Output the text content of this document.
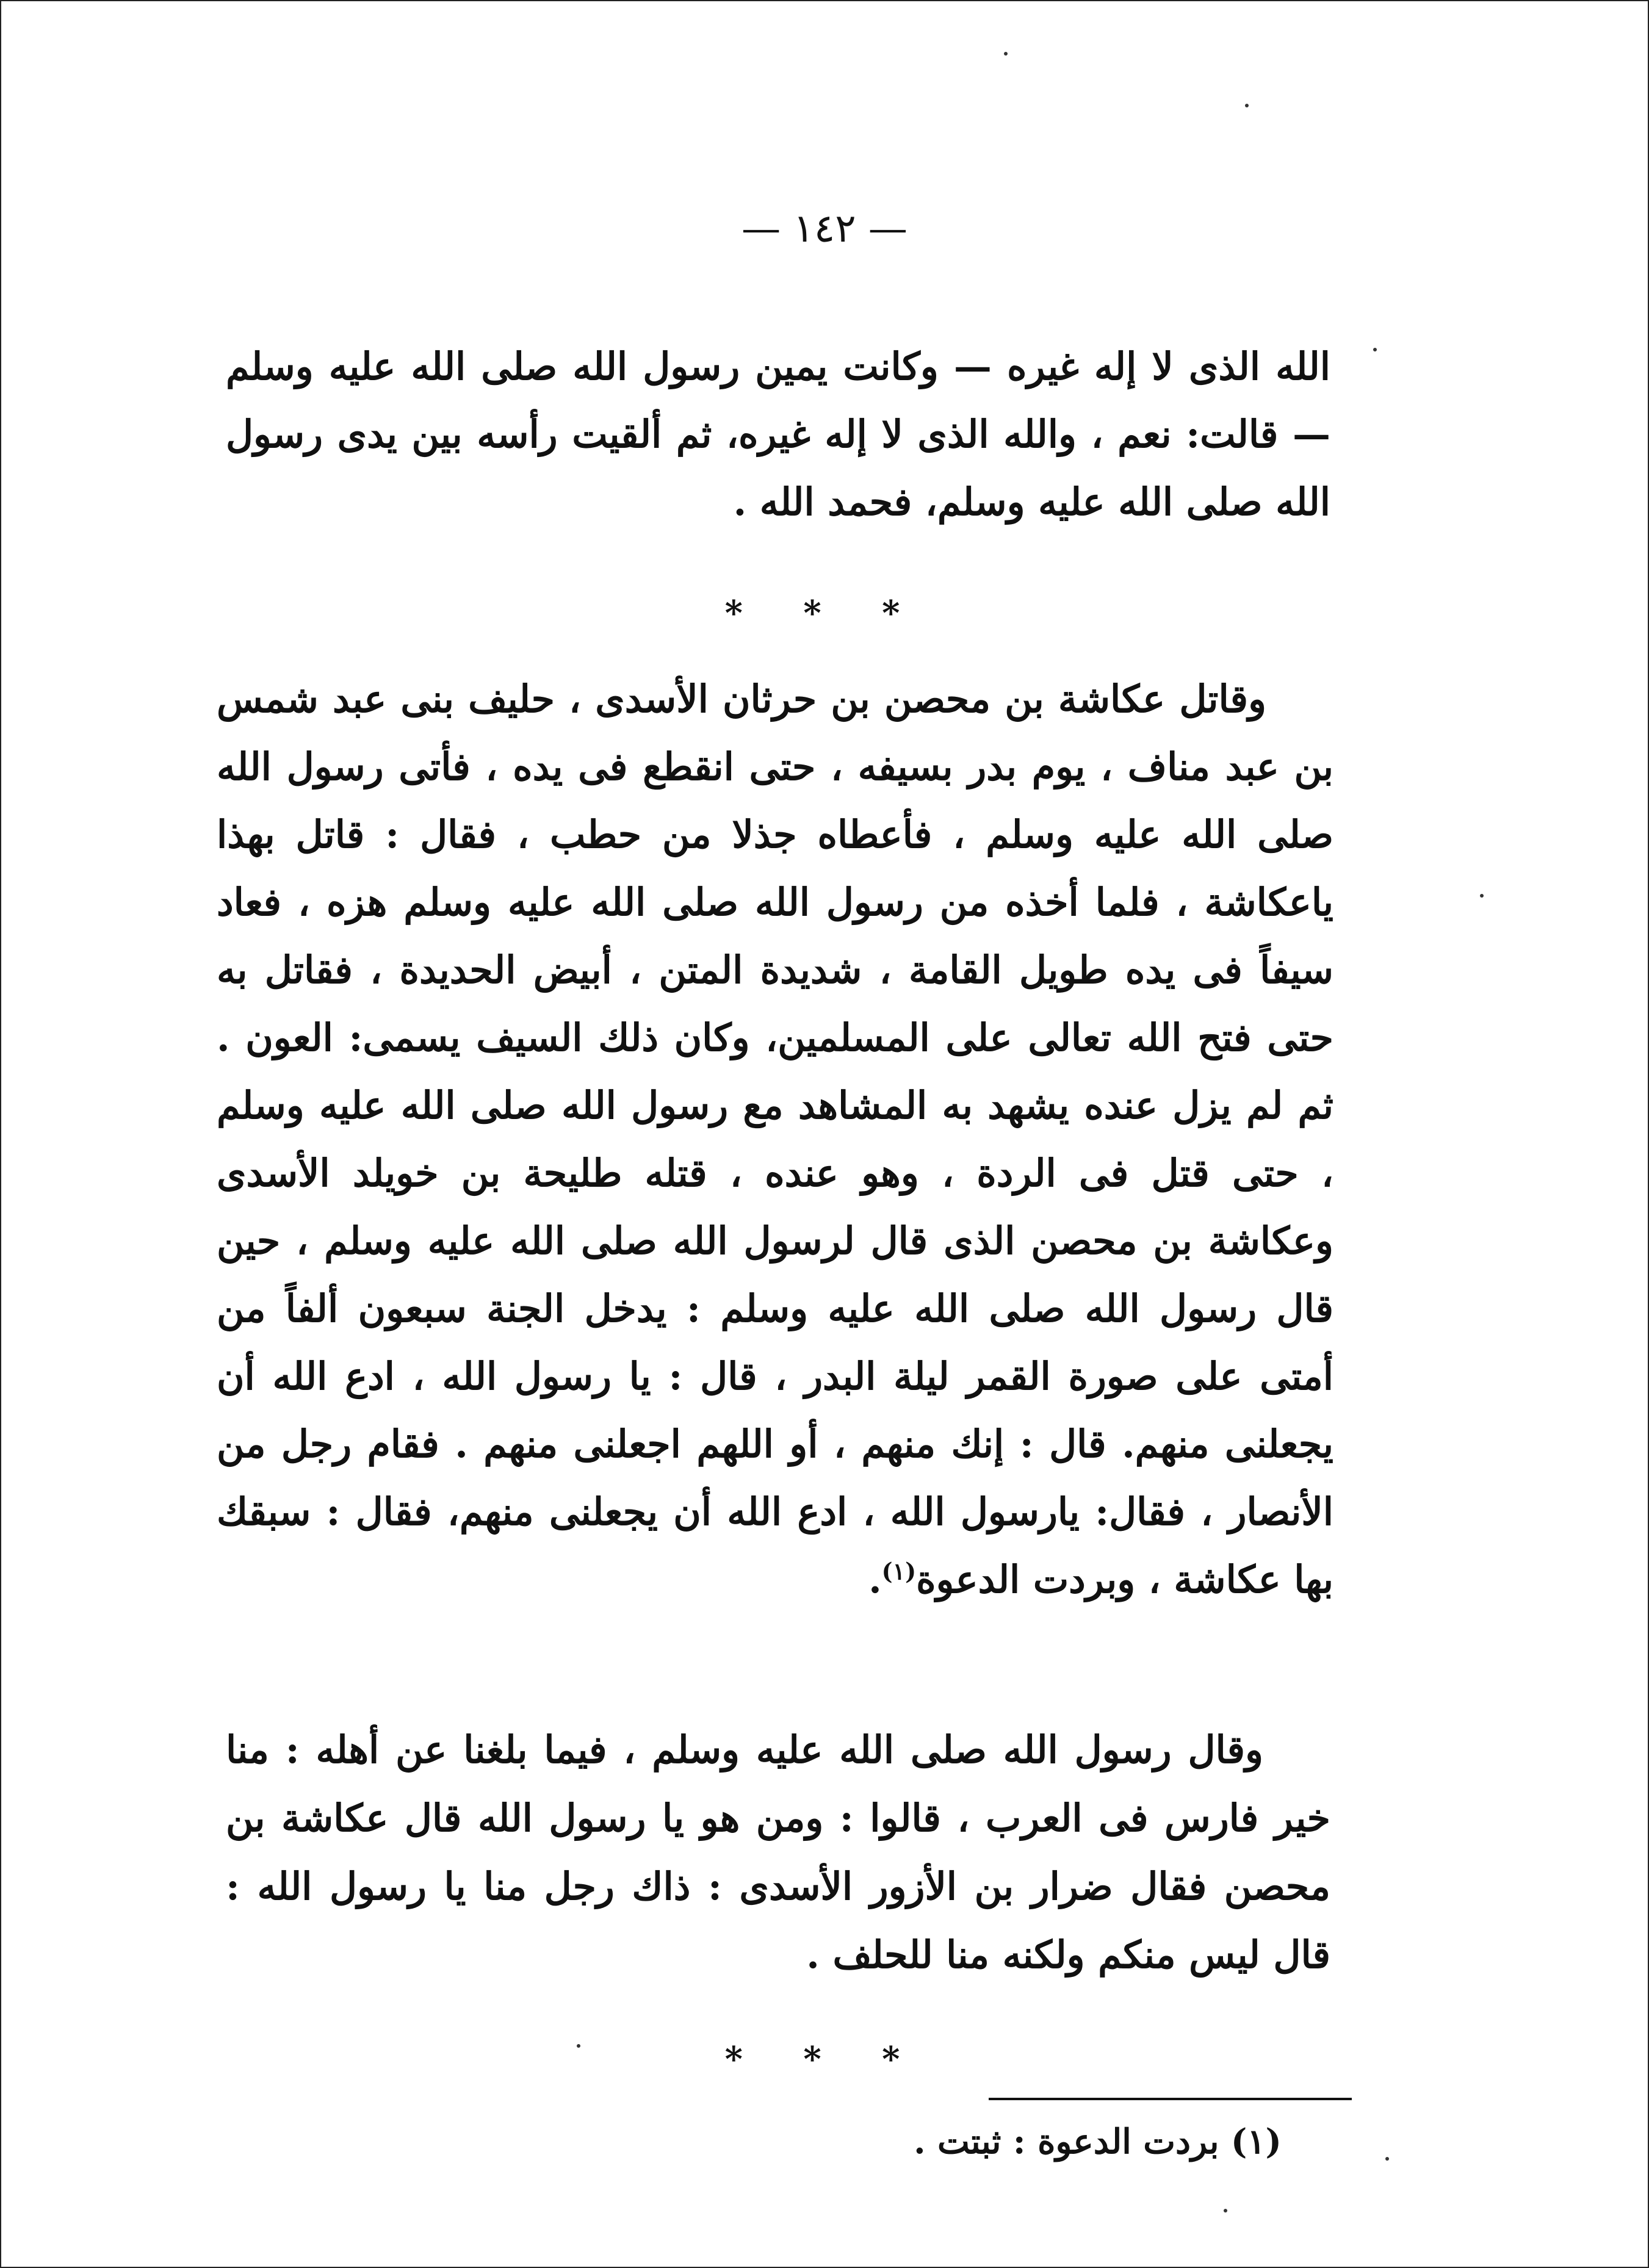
— ١٤٢ —

الله الذى لا إله غيره — وكانت يمين رسول الله صلى الله عليه وسلم — قالت: نعم ، والله الذى لا إله غيره، ثم ألقيت رأسه بين يدى رسول الله صلى الله عليه وسلم، فحمد الله .

* * *

وقاتل عكاشة بن محصن بن حرثان الأسدى ، حليف بنى عبد شمس بن عبد مناف ، يوم بدر بسيفه ، حتى انقطع فى يده ، فأتى رسول الله صلى الله عليه وسلم ، فأعطاه جذلا من حطب ، فقال : قاتل بهذا ياعكاشة ، فلما أخذه من رسول الله صلى الله عليه وسلم هزه ، فعاد سيفاً فى يده طويل القامة ، شديدة المتن ، أبيض الحديدة ، فقاتل به حتى فتح الله تعالى على المسلمين، وكان ذلك السيف يسمى: العون . ثم لم يزل عنده يشهد به المشاهد مع رسول الله صلى الله عليه وسلم ، حتى قتل فى الردة ، وهو عنده ، قتله طليحة بن خويلد الأسدى وعكاشة بن محصن الذى قال لرسول الله صلى الله عليه وسلم ، حين قال رسول الله صلى الله عليه وسلم : يدخل الجنة سبعون ألفاً من أمتى على صورة القمر ليلة البدر ، قال : يا رسول الله ، ادع الله أن يجعلنى منهم. قال : إنك منهم ، أو اللهم اجعلنى منهم . فقام رجل من الأنصار ، فقال: يارسول الله ، ادع الله أن يجعلنى منهم، فقال : سبقك بها عكاشة ، وبردت الدعوة$^{(١)}$.

وقال رسول الله صلى الله عليه وسلم ، فيما بلغنا عن أهله : منا خير فارس فى العرب ، قالوا : ومن هو يا رسول الله قال عكاشة بن محصن فقال ضرار بن الأزور الأسدى : ذاك رجل منا يا رسول الله : قال ليس منكم ولكنه منا للحلف .

* * *
(١) بردت الدعوة : ثبتت .
